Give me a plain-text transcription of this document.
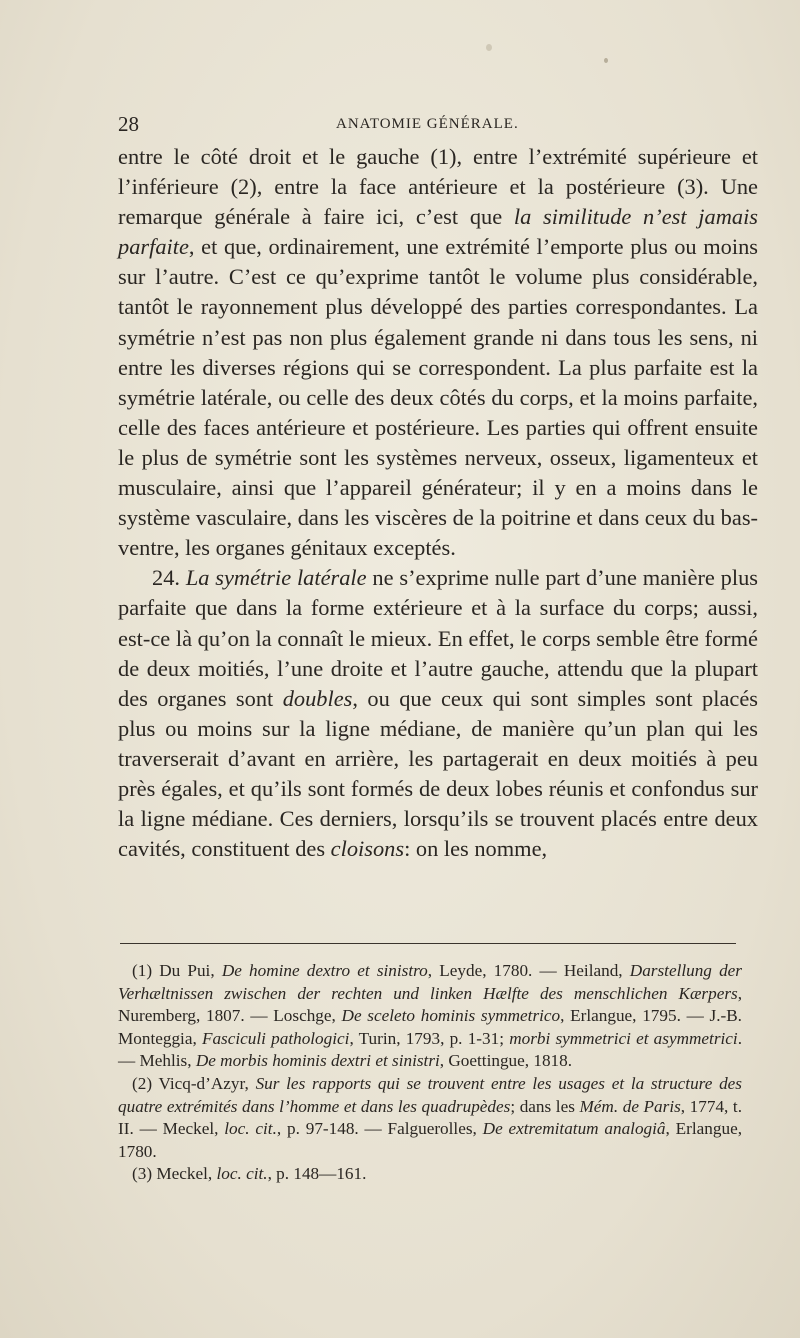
28	ANATOMIE GÉNÉRALE.

entre le côté droit et le gauche (1), entre l’extrémité supérieure et l’inférieure (2), entre la face antérieure et la postérieure (3). Une remarque générale à faire ici, c’est que la similitude n’est jamais parfaite, et que, ordinairement, une extrémité l’emporte plus ou moins sur l’autre. C’est ce qu’exprime tantôt le volume plus considérable, tantôt le rayonnement plus développé des parties correspondantes. La symétrie n’est pas non plus également grande ni dans tous les sens, ni entre les diverses régions qui se correspondent. La plus parfaite est la symétrie latérale, ou celle des deux côtés du corps, et la moins parfaite, celle des faces antérieure et postérieure. Les parties qui offrent ensuite le plus de symétrie sont les systèmes nerveux, osseux, ligamenteux et musculaire, ainsi que l’appareil générateur; il y en a moins dans le système vasculaire, dans les viscères de la poitrine et dans ceux du bas-ventre, les organes génitaux exceptés.

24. La symétrie latérale ne s’exprime nulle part d’une manière plus parfaite que dans la forme extérieure et à la surface du corps; aussi, est-ce là qu’on la connaît le mieux. En effet, le corps semble être formé de deux moitiés, l’une droite et l’autre gauche, attendu que la plupart des organes sont doubles, ou que ceux qui sont simples sont placés plus ou moins sur la ligne médiane, de manière qu’un plan qui les traverserait d’avant en arrière, les partagerait en deux moitiés à peu près égales, et qu’ils sont formés de deux lobes réunis et confondus sur la ligne médiane. Ces derniers, lorsqu’ils se trouvent placés entre deux cavités, constituent des cloisons: on les nomme,

(1) Du Pui, De homine dextro et sinistro, Leyde, 1780. — Heiland, Darstellung der Verhæltnissen zwischen der rechten und linken Hælfte des menschlichen Kærpers, Nuremberg, 1807. — Loschge, De sceleto hominis symmetrico, Erlangue, 1795. — J.-B. Monteggia, Fasciculi pathologici, Turin, 1793, p. 1-31; morbi symmetrici et asymmetrici. — Mehlis, De morbis hominis dextri et sinistri, Goettingue, 1818.

(2) Vicq-d’Azyr, Sur les rapports qui se trouvent entre les usages et la structure des quatre extrémités dans l’homme et dans les quadrupèdes; dans les Mém. de Paris, 1774, t. II. — Meckel, loc. cit., p. 97-148. — Falguerolles, De extremitatum analogiâ, Erlangue, 1780.

(3) Meckel, loc. cit., p. 148—161.
